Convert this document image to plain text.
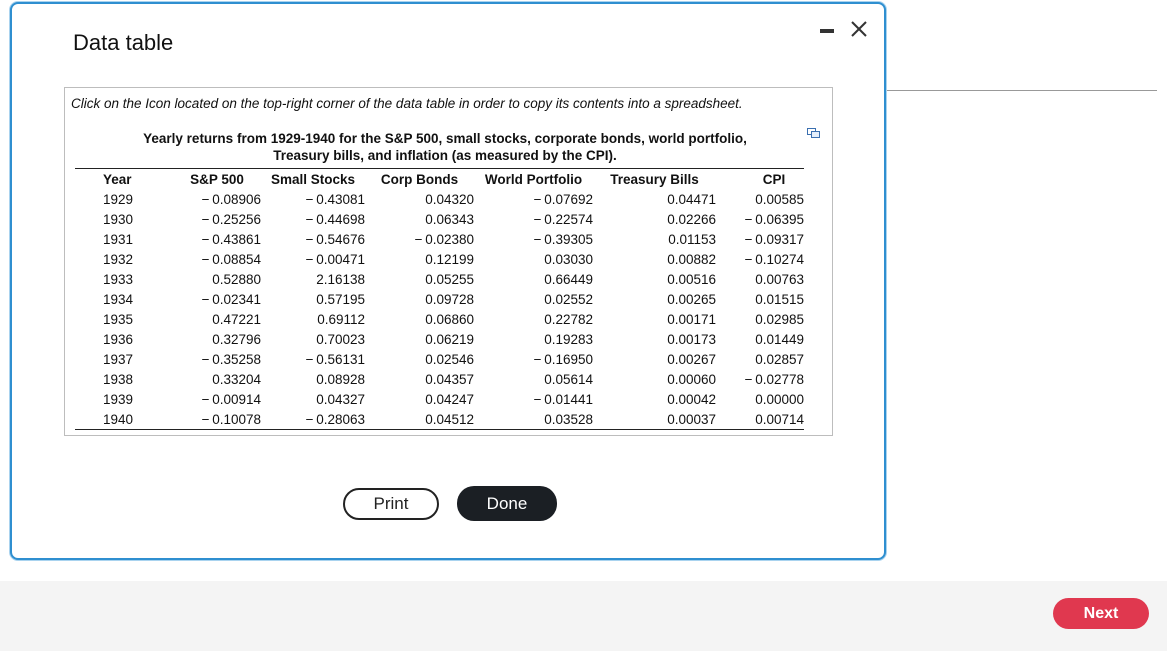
Next
Data table
Click on the Icon located on the top-right corner of the data table in order to copy its contents into a spreadsheet.
Yearly returns from 1929-1940 for the S&P 500, small stocks, corporate bonds, world portfolio,
Treasury bills, and inflation (as measured by the CPI).
Year	S&P 500	Small Stocks	Corp Bonds	World Portfolio	Treasury Bills	CPI
1929	− 0.08906	− 0.43081	0.04320	− 0.07692	0.04471	0.00585
1930	− 0.25256	− 0.44698	0.06343	− 0.22574	0.02266	− 0.06395
1931	− 0.43861	− 0.54676	− 0.02380	− 0.39305	0.01153	− 0.09317
1932	− 0.08854	− 0.00471	0.12199	0.03030	0.00882	− 0.10274
1933	0.52880	2.16138	0.05255	0.66449	0.00516	0.00763
1934	− 0.02341	0.57195	0.09728	0.02552	0.00265	0.01515
1935	0.47221	0.69112	0.06860	0.22782	0.00171	0.02985
1936	0.32796	0.70023	0.06219	0.19283	0.00173	0.01449
1937	− 0.35258	− 0.56131	0.02546	− 0.16950	0.00267	0.02857
1938	0.33204	0.08928	0.04357	0.05614	0.00060	− 0.02778
1939	− 0.00914	0.04327	0.04247	− 0.01441	0.00042	0.00000
1940	− 0.10078	− 0.28063	0.04512	0.03528	0.00037	0.00714
Print	Done
